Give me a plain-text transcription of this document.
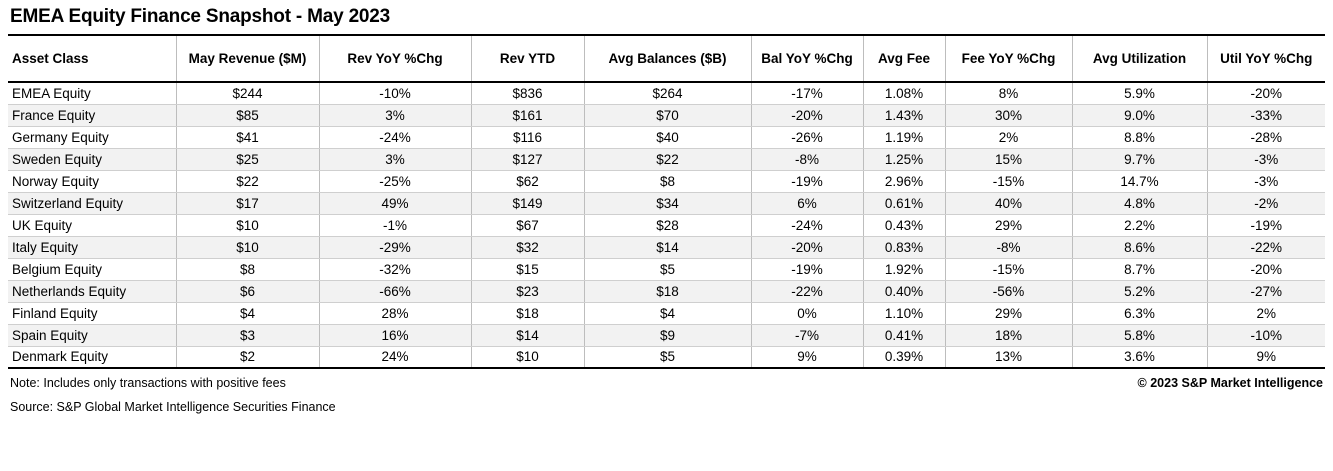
EMEA Equity Finance Snapshot - May 2023
Asset Class	May Revenue ($M)	Rev YoY %Chg	Rev YTD	Avg Balances ($B)	Bal YoY %Chg	Avg Fee	Fee YoY %Chg	Avg Utilization	Util YoY %Chg
EMEA Equity	$244	-10%	$836	$264	-17%	1.08%	8%	5.9%	-20%
France Equity	$85	3%	$161	$70	-20%	1.43%	30%	9.0%	-33%
Germany Equity	$41	-24%	$116	$40	-26%	1.19%	2%	8.8%	-28%
Sweden Equity	$25	3%	$127	$22	-8%	1.25%	15%	9.7%	-3%
Norway Equity	$22	-25%	$62	$8	-19%	2.96%	-15%	14.7%	-3%
Switzerland Equity	$17	49%	$149	$34	6%	0.61%	40%	4.8%	-2%
UK Equity	$10	-1%	$67	$28	-24%	0.43%	29%	2.2%	-19%
Italy Equity	$10	-29%	$32	$14	-20%	0.83%	-8%	8.6%	-22%
Belgium Equity	$8	-32%	$15	$5	-19%	1.92%	-15%	8.7%	-20%
Netherlands Equity	$6	-66%	$23	$18	-22%	0.40%	-56%	5.2%	-27%
Finland Equity	$4	28%	$18	$4	0%	1.10%	29%	6.3%	2%
Spain Equity	$3	16%	$14	$9	-7%	0.41%	18%	5.8%	-10%
Denmark Equity	$2	24%	$10	$5	9%	0.39%	13%	3.6%	9%
Note: Includes only transactions with positive fees	© 2023 S&P Market Intelligence
Source: S&P Global Market Intelligence Securities Finance
